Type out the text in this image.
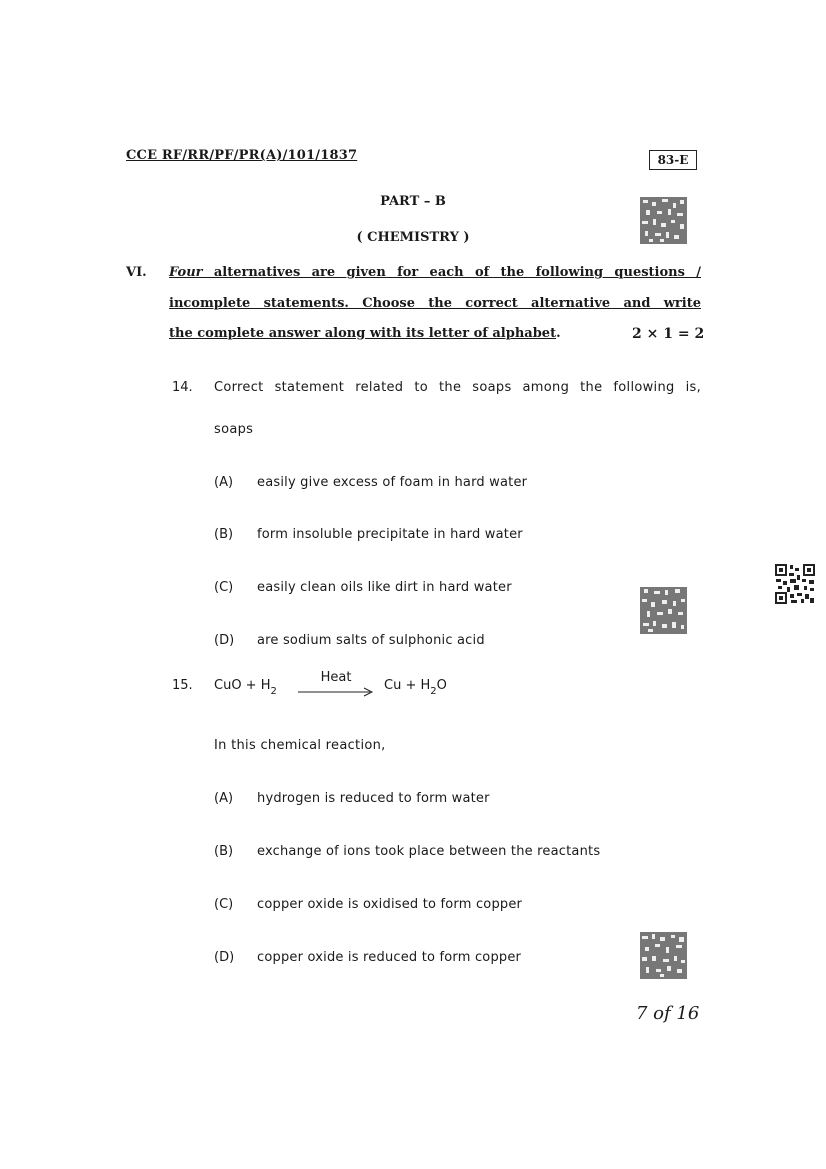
CCE RF/RR/PF/PR(A)/101/1837	83-E
PART – B
( CHEMISTRY )
VI. Four alternatives are given for each of the following questions /
incomplete statements. Choose the correct alternative and write
the complete answer along with its letter of alphabet.	2 × 1 = 2
14. Correct statement related to the soaps among the following is,
soaps
(A) easily give excess of foam in hard water
(B) form insoluble precipitate in hard water
(C) easily clean oils like dirt in hard water
(D) are sodium salts of sulphonic acid
15. CuO + $H_2$
Heat
$Cu + H_2O$
In this chemical reaction,
(A) hydrogen is reduced to form water
(B) exchange of ions took place between the reactants
(C) copper oxide is oxidised to form copper
(D) copper oxide is reduced to form copper
7 of 16
